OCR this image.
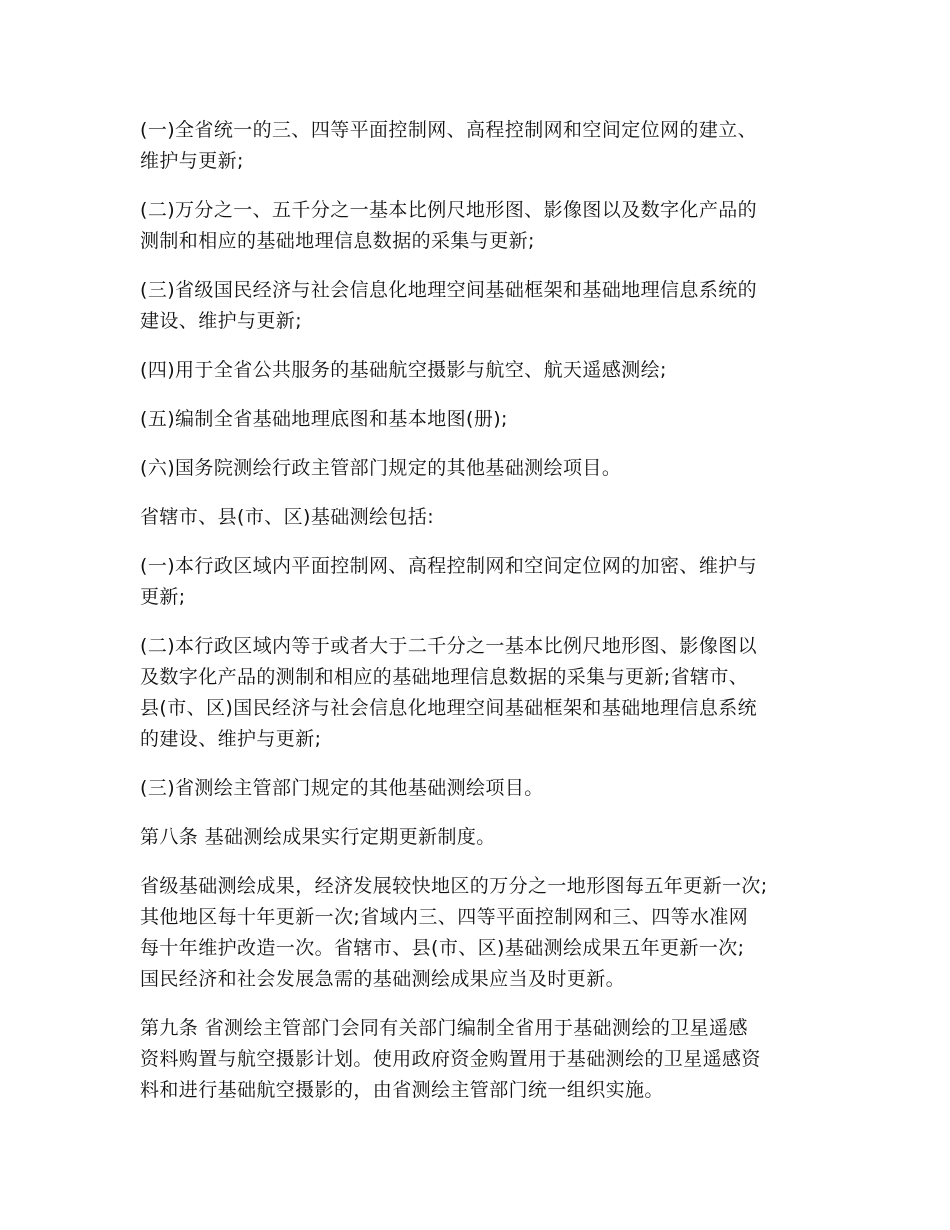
(一)全省统一的三、四等平面控制网、高程控制网和空间定位网的建立、
维护与更新;

(二)万分之一、五千分之一基本比例尺地形图、影像图以及数字化产品的
测制和相应的基础地理信息数据的采集与更新;

(三)省级国民经济与社会信息化地理空间基础框架和基础地理信息系统的
建设、维护与更新;

(四)用于全省公共服务的基础航空摄影与航空、航天遥感测绘;

(五)编制全省基础地理底图和基本地图(册);

(六)国务院测绘行政主管部门规定的其他基础测绘项目。

省辖市、县(市、区)基础测绘包括:

(一)本行政区域内平面控制网、高程控制网和空间定位网的加密、维护与
更新;

(二)本行政区域内等于或者大于二千分之一基本比例尺地形图、影像图以
及数字化产品的测制和相应的基础地理信息数据的采集与更新;省辖市、
县(市、区)国民经济与社会信息化地理空间基础框架和基础地理信息系统
的建设、维护与更新;

(三)省测绘主管部门规定的其他基础测绘项目。

第八条 基础测绘成果实行定期更新制度。

省级基础测绘成果，经济发展较快地区的万分之一地形图每五年更新一次;
其他地区每十年更新一次;省域内三、四等平面控制网和三、四等水准网
每十年维护改造一次。省辖市、县(市、区)基础测绘成果五年更新一次;
国民经济和社会发展急需的基础测绘成果应当及时更新。

第九条 省测绘主管部门会同有关部门编制全省用于基础测绘的卫星遥感
资料购置与航空摄影计划。使用政府资金购置用于基础测绘的卫星遥感资
料和进行基础航空摄影的，由省测绘主管部门统一组织实施。
